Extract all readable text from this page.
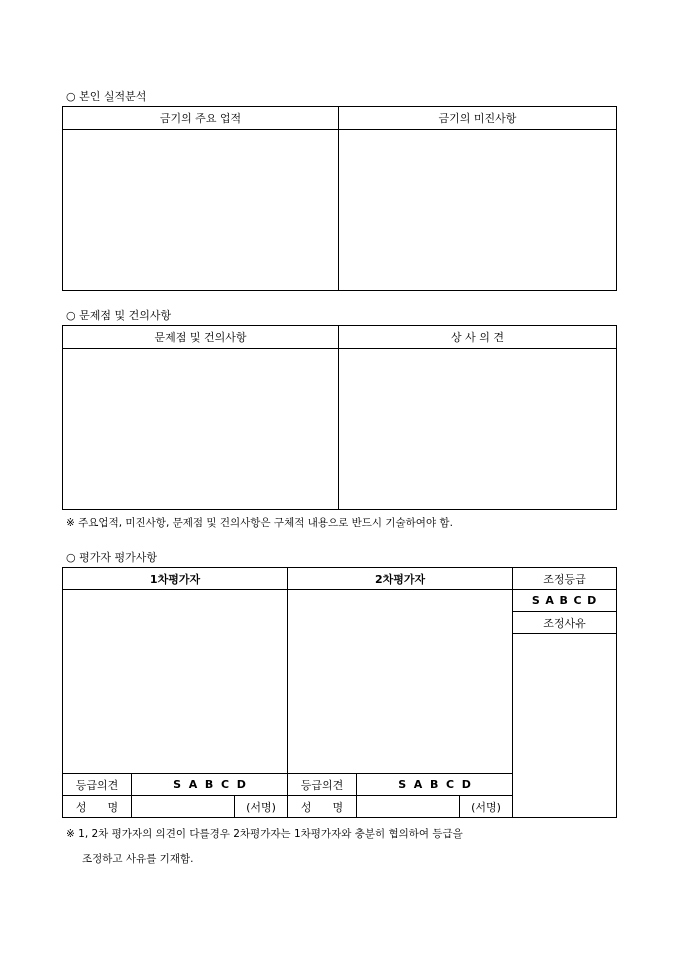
○ 본인 실적분석
금기의 주요 업적	금기의 미진사항

○ 문제점 및 건의사항
문제점 및 건의사항	상 사 의 견

※ 주요업적, 미진사항, 문제점 및 건의사항은 구체적 내용으로 반드시 기술하여야 함.
○ 평가자 평가사항
1차평가자			2차평가자			조정등급
						S A B C D
						조정사유

등급의견	S  A  B  C  D		등급의견	S  A  B  C  D		
성      명		(서명)	성      명		(서명)	
※ 1, 2차 평가자의 의견이 다를경우 2차평가자는 1차평가자와 충분히 협의하여 등급을
조정하고 사유를 기재함.
